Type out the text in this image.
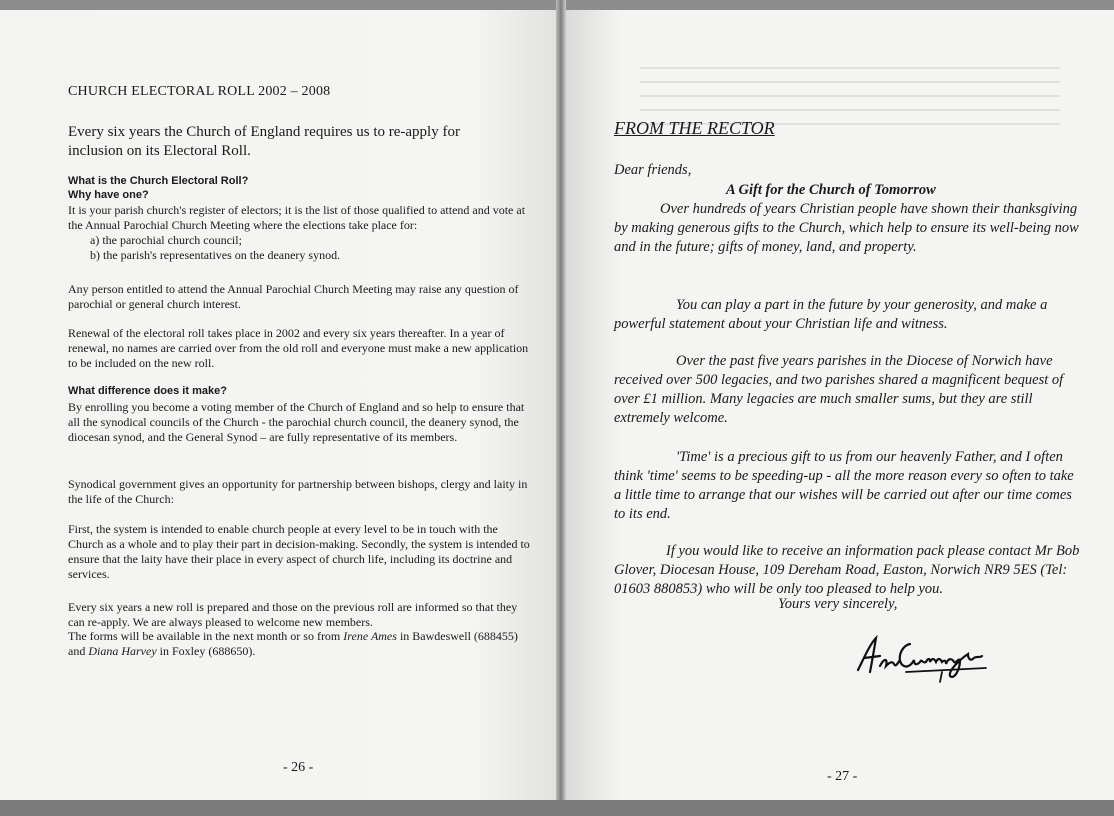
CHURCH ELECTORAL ROLL 2002 – 2008

Every six years the Church of England requires us to re-apply for inclusion on its Electoral Roll.

What is the Church Electoral Roll?

Why have one?

It is your parish church's register of electors; it is the list of those qualified to attend and vote at the Annual Parochial Church Meeting where the elections take place for:

a) the parochial church council;

b) the parish's representatives on the deanery synod.

Any person entitled to attend the Annual Parochial Church Meeting may raise any question of parochial or general church interest.

Renewal of the electoral roll takes place in 2002 and every six years thereafter. In a year of renewal, no names are carried over from the old roll and everyone must make a new application to be included on the new roll.

What difference does it make?

By enrolling you become a voting member of the Church of England and so help to ensure that all the synodical councils of the Church - the parochial church council, the deanery synod, the diocesan synod, and the General Synod – are fully representative of its members.

Synodical government gives an opportunity for partnership between bishops, clergy and laity in the life of the Church:

First, the system is intended to enable church people at every level to be in touch with the Church as a whole and to play their part in decision-making. Secondly, the system is intended to ensure that the laity have their place in every aspect of church life, including its doctrine and services.

Every six years a new roll is prepared and those on the previous roll are informed so that they can re-apply. We are always pleased to welcome new members.

The forms will be available in the next month or so from Irene Ames in Bawdeswell (688455) and Diana Harvey in Foxley (688650).

- 26 -

FROM THE RECTOR

Dear friends,

A Gift for the Church of Tomorrow

Over hundreds of years Christian people have shown their thanksgiving by making generous gifts to the Church, which help to ensure its well-being now and in the future; gifts of money, land, and property.

You can play a part in the future by your generosity, and make a powerful statement about your Christian life and witness.

Over the past five years parishes in the Diocese of Norwich have received over 500 legacies, and two parishes shared a magnificent bequest of over £1 million. Many legacies are much smaller sums, but they are still extremely welcome.

'Time' is a precious gift to us from our heavenly Father, and I often think 'time' seems to be speeding-up - all the more reason every so often to take a little time to arrange that our wishes will be carried out after our time comes to its end.

If you would like to receive an information pack please contact Mr Bob Glover, Diocesan House, 109 Dereham Road, Easton, Norwich NR9 5ES (Tel: 01603 880853) who will be only too pleased to help you.

Yours very sincerely,

- 27 -
